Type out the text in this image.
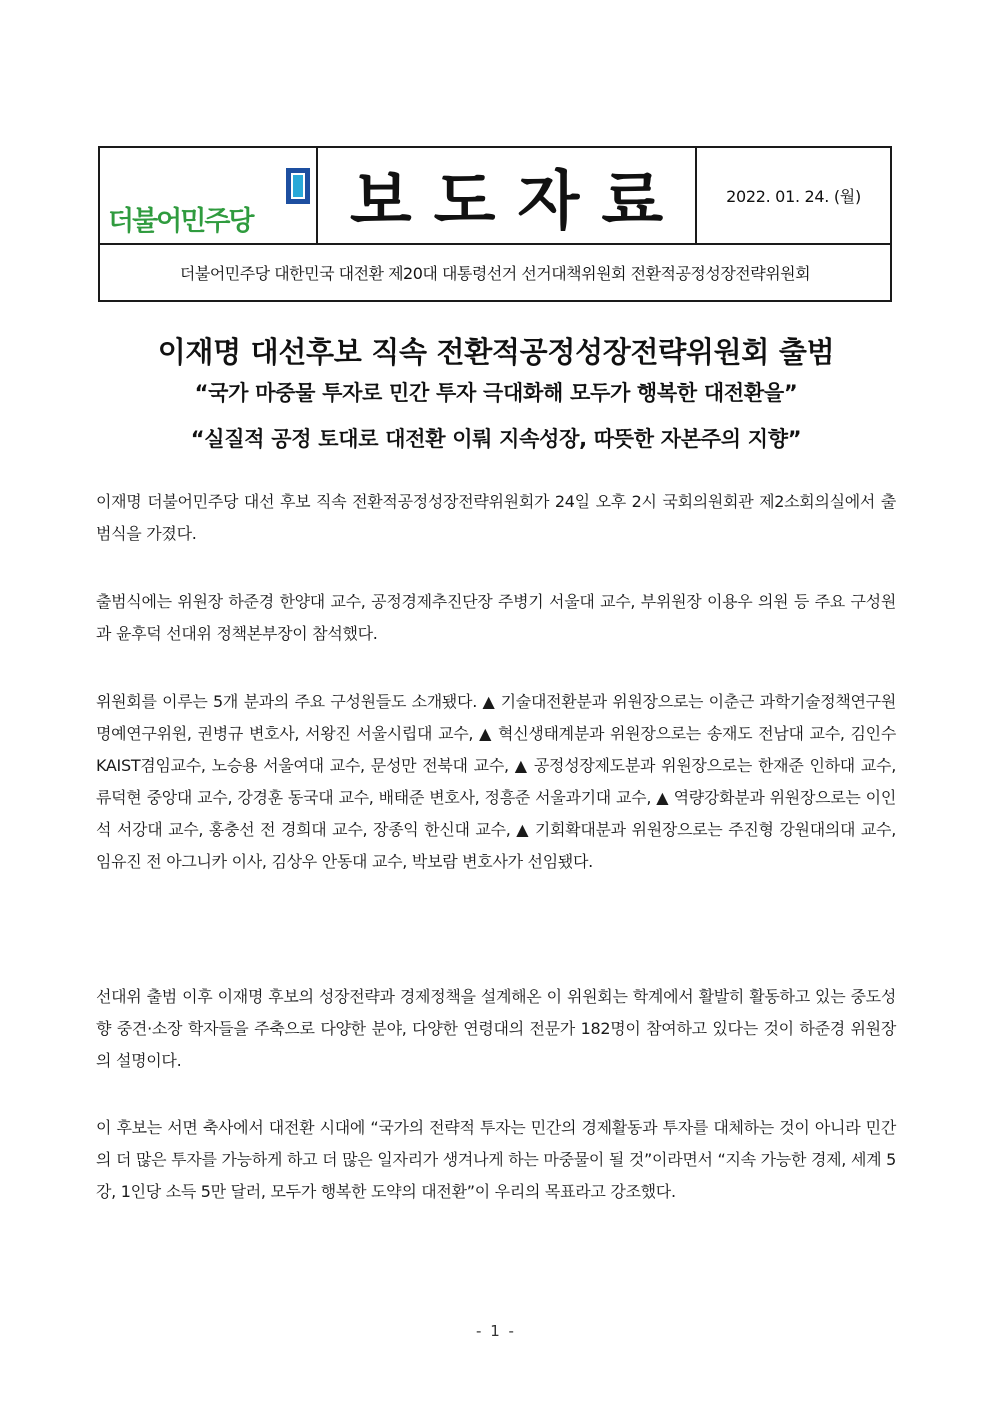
더불어민주당	보도자료	2022. 01. 24. (월)
더불어민주당 대한민국 대전환 제20대 대통령선거 선거대책위원회 전환적공정성장전략위원회
이재명 대선후보 직속 전환적공정성장전략위원회 출범
“국가 마중물 투자로 민간 투자 극대화해 모두가 행복한 대전환을”
“실질적 공정 토대로 대전환 이뤄 지속성장, 따뜻한 자본주의 지향”

이재명 더불어민주당 대선 후보 직속 전환적공정성장전략위원회가 24일 오후 2시 국회의원회관 제2소회의실에서 출범식을 가졌다.

출범식에는 위원장 하준경 한양대 교수, 공정경제추진단장 주병기 서울대 교수, 부위원장 이용우 의원 등 주요 구성원과 윤후덕 선대위 정책본부장이 참석했다.

위원회를 이루는 5개 분과의 주요 구성원들도 소개됐다. ▲ 기술대전환분과 위원장으로는 이춘근 과학기술정책연구원 명예연구위원, 권병규 변호사, 서왕진 서울시립대 교수, ▲ 혁신생태계분과 위원장으로는 송재도 전남대 교수, 김인수 KAIST겸임교수, 노승용 서울여대 교수, 문성만 전북대 교수, ▲ 공정성장제도분과 위원장으로는 한재준 인하대 교수, 류덕현 중앙대 교수, 강경훈 동국대 교수, 배태준 변호사, 정흥준 서울과기대 교수, ▲ 역량강화분과 위원장으로는 이인석 서강대 교수, 홍충선 전 경희대 교수, 장종익 한신대 교수, ▲ 기회확대분과 위원장으로는 주진형 강원대의대 교수, 임유진 전 아그니카 이사, 김상우 안동대 교수, 박보람 변호사가 선임됐다.

선대위 출범 이후 이재명 후보의 성장전략과 경제정책을 설계해온 이 위원회는 학계에서 활발히 활동하고 있는 중도성향 중견·소장 학자들을 주축으로 다양한 분야, 다양한 연령대의 전문가 182명이 참여하고 있다는 것이 하준경 위원장의 설명이다.

이 후보는 서면 축사에서 대전환 시대에 “국가의 전략적 투자는 민간의 경제활동과 투자를 대체하는 것이 아니라 민간의 더 많은 투자를 가능하게 하고 더 많은 일자리가 생겨나게 하는 마중물이 될 것”이라면서 “지속 가능한 경제, 세계 5강, 1인당 소득 5만 달러, 모두가 행복한 도약의 대전환”이 우리의 목표라고 강조했다.

- 1 -
